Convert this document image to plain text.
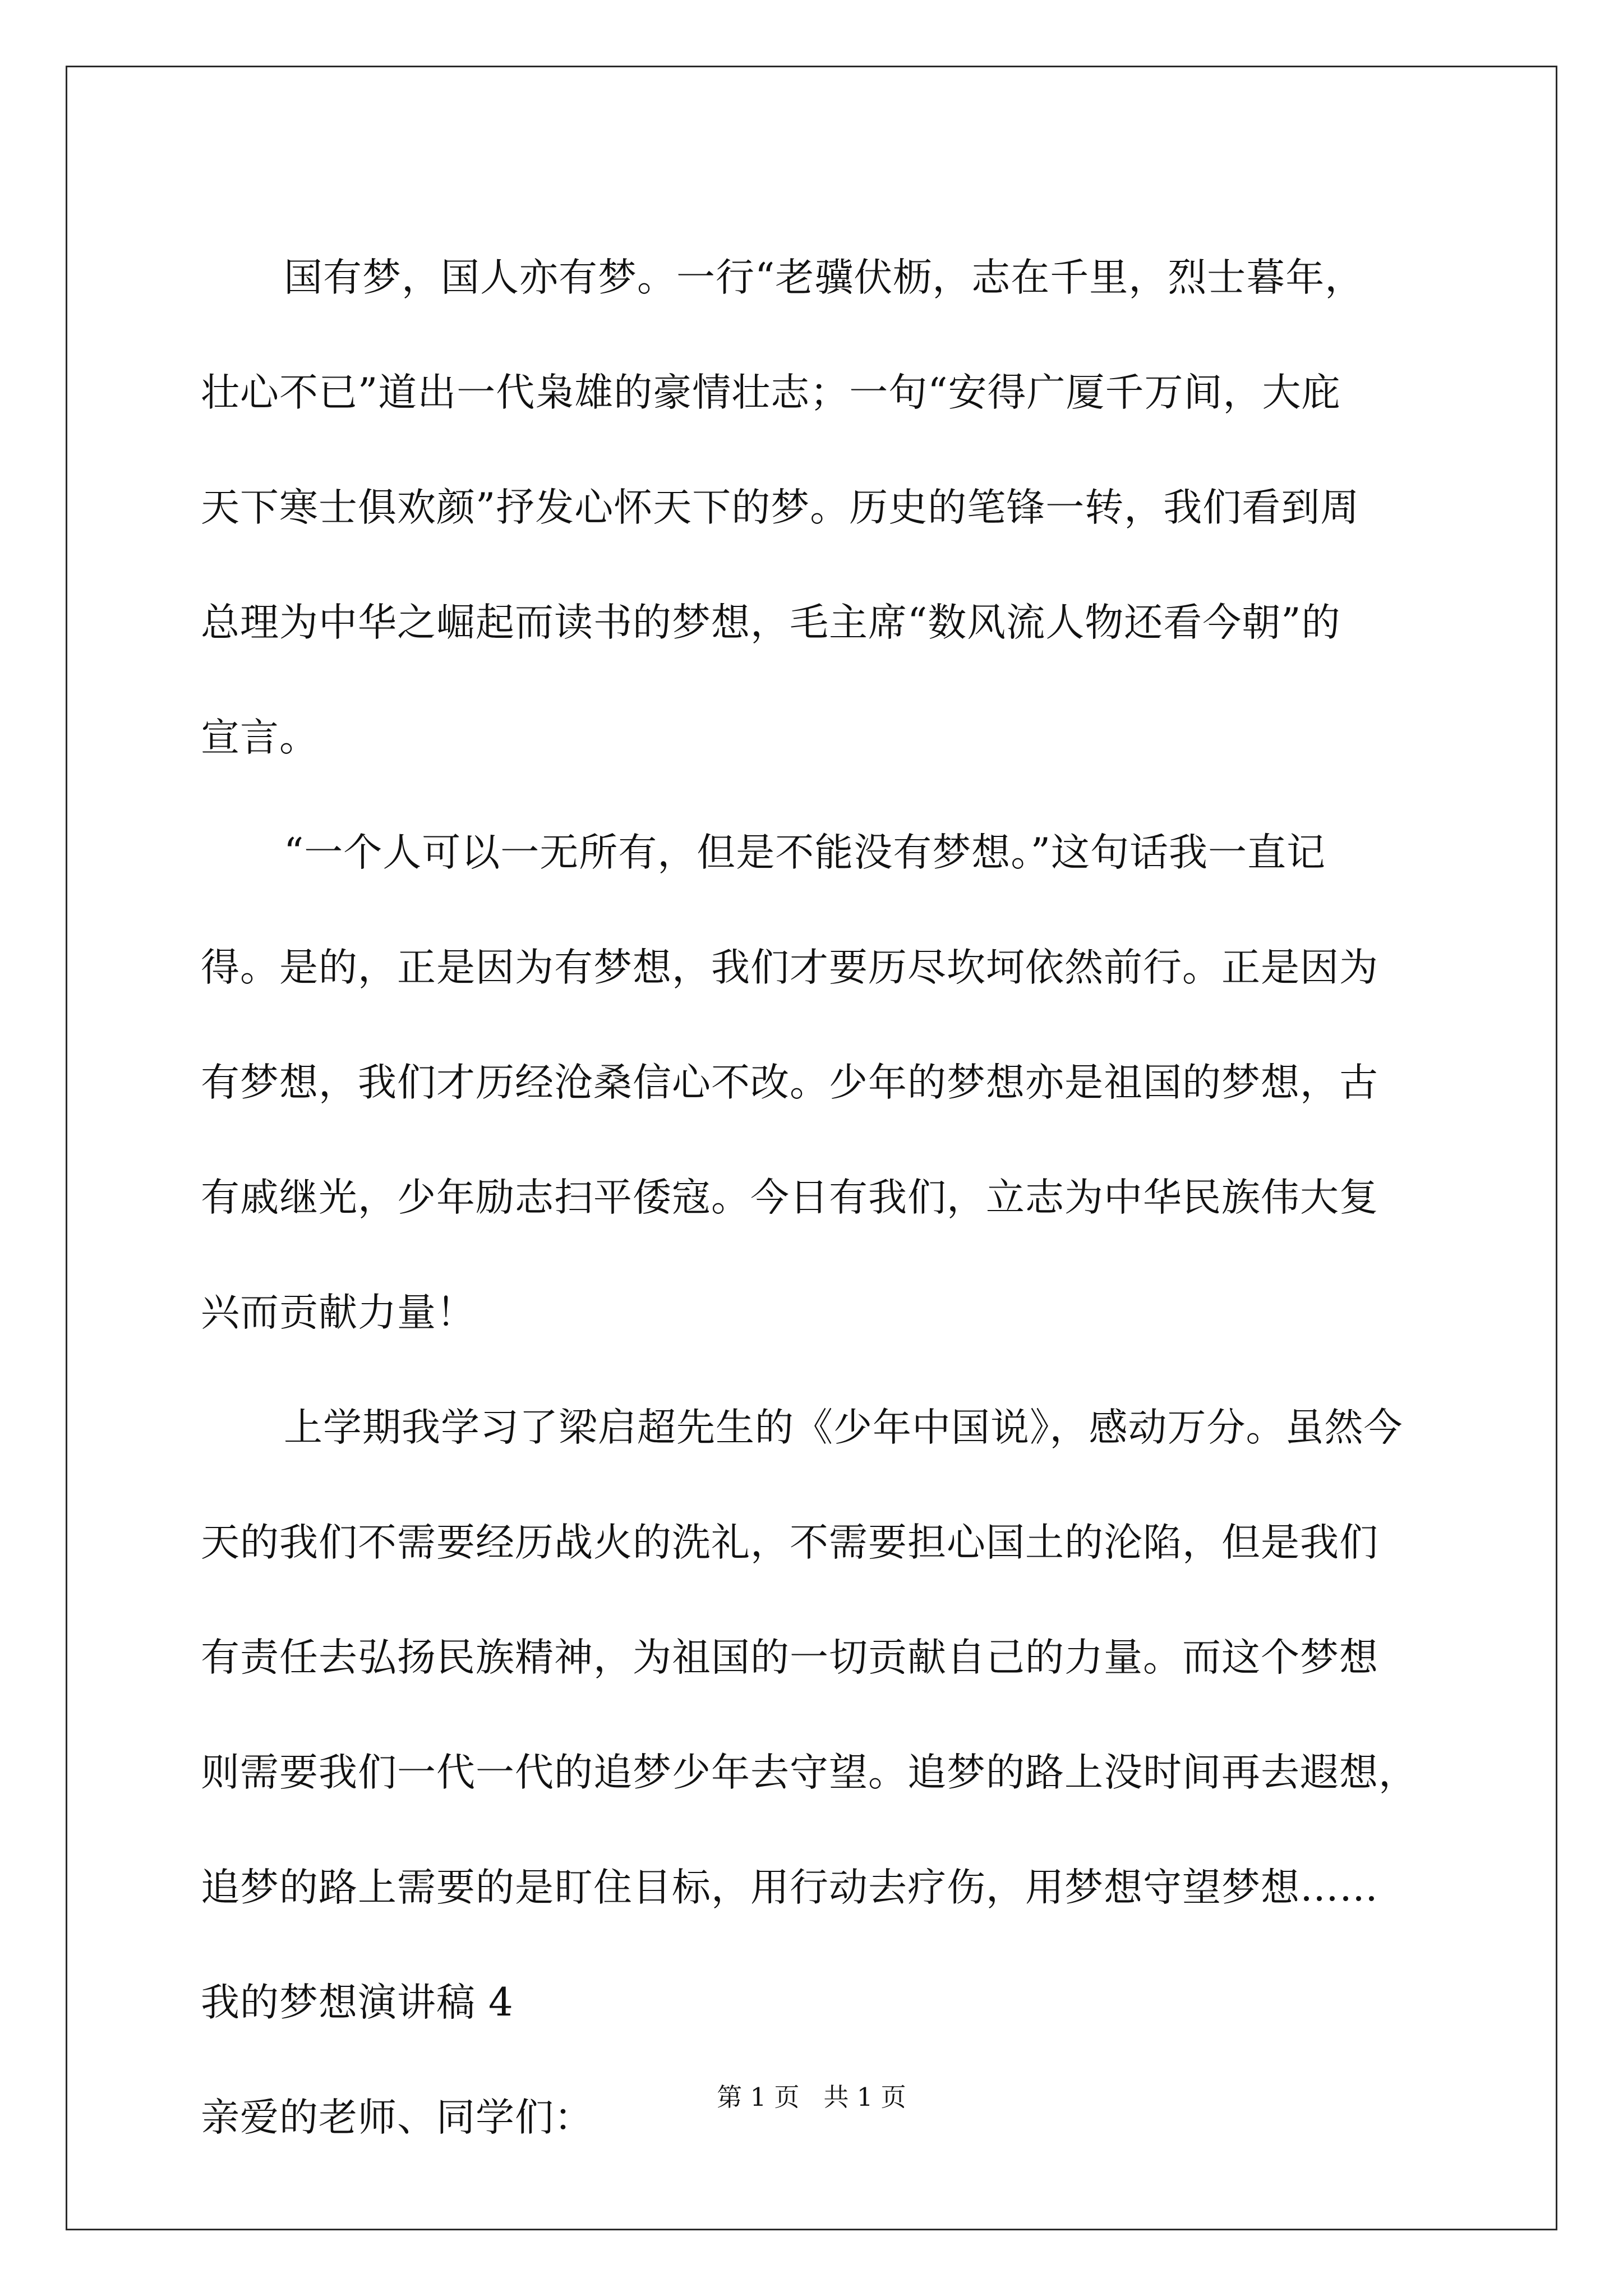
国有梦，国人亦有梦。一行“老骥伏枥，志在千里，烈士暮年，
壮心不已”道出一代枭雄的豪情壮志；一句“安得广厦千万间，大庇
天下寒士俱欢颜”抒发心怀天下的梦。历史的笔锋一转，我们看到周
总理为中华之崛起而读书的梦想，毛主席“数风流人物还看今朝”的
宣言。
“一个人可以一无所有，但是不能没有梦想。”这句话我一直记
得。是的，正是因为有梦想，我们才要历尽坎坷依然前行。正是因为
有梦想，我们才历经沧桑信心不改。少年的梦想亦是祖国的梦想，古
有戚继光，少年励志扫平倭寇。今日有我们，立志为中华民族伟大复
兴而贡献力量！
上学期我学习了梁启超先生的《少年中国说》，感动万分。虽然今
天的我们不需要经历战火的洗礼，不需要担心国土的沦陷，但是我们
有责任去弘扬民族精神，为祖国的一切贡献自己的力量。而这个梦想
则需要我们一代一代的追梦少年去守望。追梦的路上没时间再去遐想，
追梦的路上需要的是盯住目标，用行动去疗伤，用梦想守望梦想……
我的梦想演讲稿 4
亲爱的老师、同学们：	第 1 页   共 1 页
